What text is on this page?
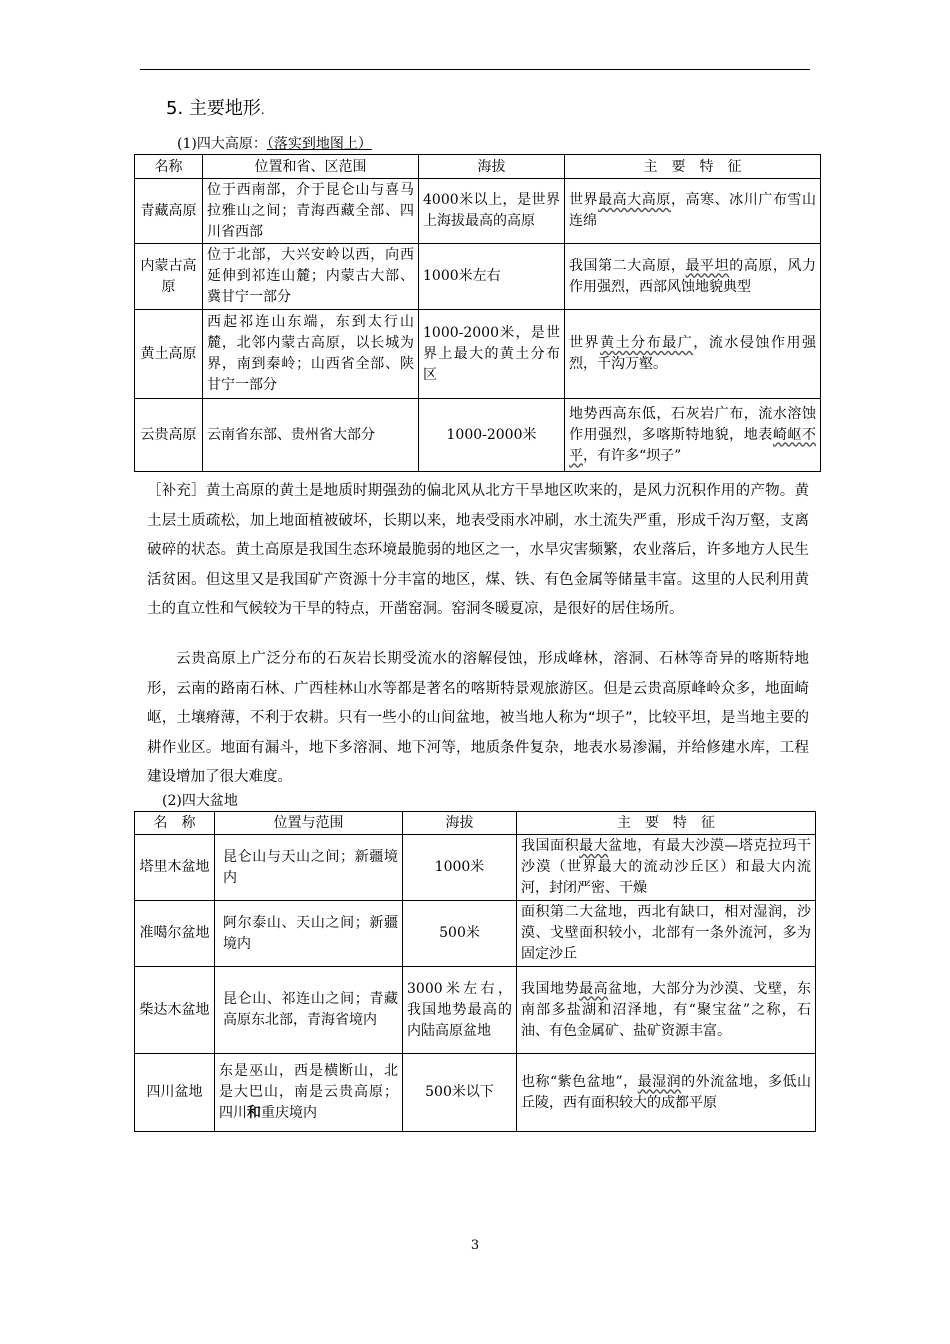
5. 主要地形.
(1)四大高原：（落实到地图上）
名称	位置和省、区范围	海拔	主　要　特　征
青藏高原	位于西南部，介于昆仑山与喜马拉雅山之间；青海西藏全部、四川省西部	4000米以上，是世界上海拔最高的高原	世界最高大高原，高寒、冰川广布雪山连绵
内蒙古高原	位于北部，大兴安岭以西，向西延伸到祁连山麓；内蒙古大部、冀甘宁一部分	1000米左右	我国第二大高原，最平坦的高原，风力作用强烈，西部风蚀地貌典型
黄土高原	西起祁连山东端，东到太行山麓，北邻内蒙古高原，以长城为界，南到秦岭；山西省全部、陕甘宁一部分	1000-2000米，是世界上最大的黄土分布区	世界黄土分布最广，流水侵蚀作用强烈，千沟万壑。
云贵高原	云南省东部、贵州省大部分	1000-2000米	地势西高东低，石灰岩广布，流水溶蚀作用强烈，多喀斯特地貌，地表崎岖不平，有许多“坝子”

［补充］黄土高原的黄土是地质时期强劲的偏北风从北方干旱地区吹来的，是风力沉积作用的产物。黄土层土质疏松，加上地面植被破坏，长期以来，地表受雨水冲刷，水土流失严重，形成千沟万壑，支离破碎的状态。黄土高原是我国生态环境最脆弱的地区之一，水旱灾害频繁，农业落后，许多地方人民生活贫困。但这里又是我国矿产资源十分丰富的地区，煤、铁、有色金属等储量丰富。这里的人民利用黄土的直立性和气候较为干旱的特点，开凿窑洞。窑洞冬暖夏凉，是很好的居住场所。

云贵高原上广泛分布的石灰岩长期受流水的溶解侵蚀，形成峰林，溶洞、石林等奇异的喀斯特地形，云南的路南石林、广西桂林山水等都是著名的喀斯特景观旅游区。但是云贵高原峰岭众多，地面崎岖，土壤瘠薄，不利于农耕。只有一些小的山间盆地，被当地人称为“坝子”，比较平坦，是当地主要的耕作业区。地面有漏斗，地下多溶洞、地下河等，地质条件复杂，地表水易渗漏，并给修建水库，工程建设增加了很大难度。

(2)四大盆地
名　称	位置与范围	海拔	主　要　特　征
塔里木盆地	昆仑山与天山之间；新疆境内	1000米	我国面积最大盆地，有最大沙漠—塔克拉玛干沙漠（世界最大的流动沙丘区）和最大内流河，封闭严密、干燥
准噶尔盆地	阿尔泰山、天山之间；新疆境内	500米	面积第二大盆地，西北有缺口，相对湿润，沙漠、戈壁面积较小，北部有一条外流河，多为固定沙丘
柴达木盆地	昆仑山、祁连山之间；青藏高原东北部，青海省境内	3000米左右，我国地势最高的内陆高原盆地	我国地势最高盆地，大部分为沙漠、戈壁，东南部多盐湖和沼泽地，有“聚宝盆”之称，石油、有色金属矿、盐矿资源丰富。
四川盆地	东是巫山，西是横断山，北是大巴山，南是云贵高原；四川和重庆境内	500米以下	也称“紫色盆地”，最湿润的外流盆地，多低山丘陵，西有面积较大的成都平原
3
